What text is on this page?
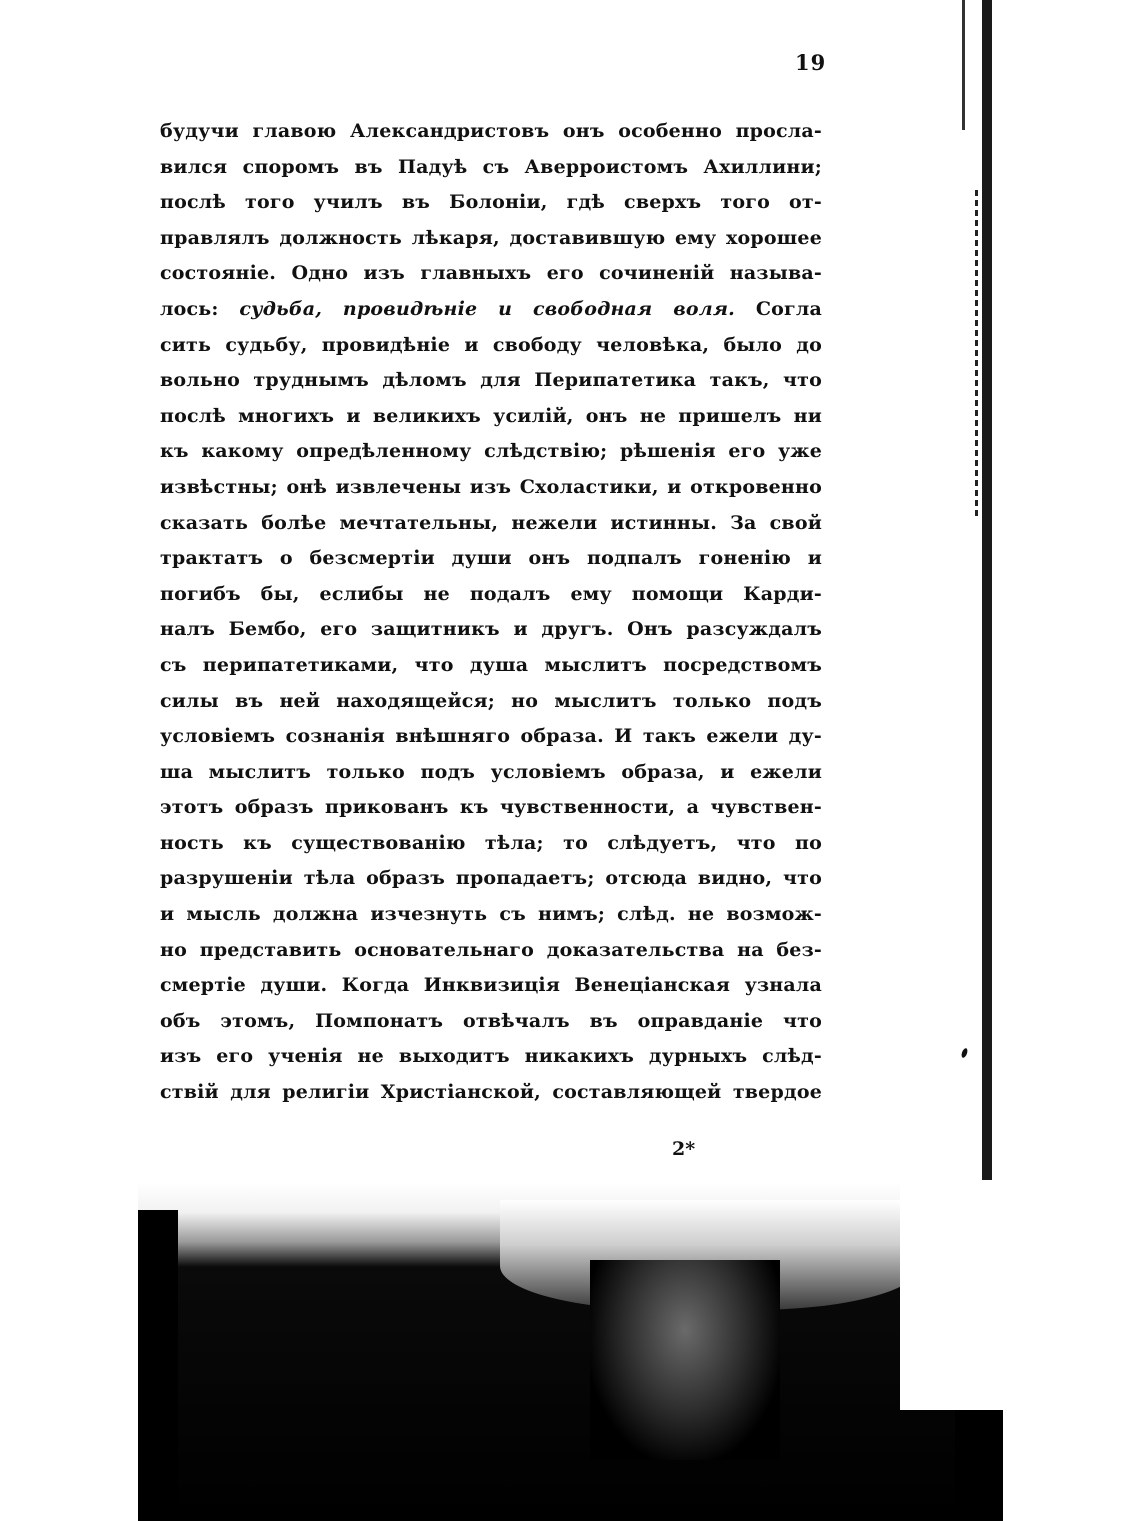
19
будучи главою Александристовъ онъ особенно просла-
вился споромъ въ Падуѣ съ Аверроистомъ Ахиллини;
послѣ того училъ въ Болоніи, гдѣ сверхъ того от-
правлялъ должность лѣкаря, доставившую ему хорошее
состояніе. Одно изъ главныхъ его сочиненій называ-
лось: судьба, провидѣніе и свободная воля. Согла
сить судьбу, провидѣніе и свободу человѣка, было до
вольно труднымъ дѣломъ для Перипатетика такъ, что
послѣ многихъ и великихъ усилій, онъ не пришелъ ни
къ какому опредѣленному слѣдствію; рѣшенія его уже
извѣстны; онѣ извлечены изъ Схоластики, и откровенно
сказать болѣе мечтательны, нежели истинны. За свой
трактатъ о безсмертіи души онъ подпалъ гоненію и
погибъ бы, еслибы не подалъ ему помощи Карди-
налъ Бембо, его защитникъ и другъ. Онъ разсуждалъ
съ перипатетиками, что душа мыслитъ посредствомъ
силы въ ней находящейся; но мыслитъ только подъ
условіемъ сознанія внѣшняго образа. И такъ ежели ду-
ша мыслитъ только подъ условіемъ образа, и ежели
этотъ образъ прикованъ къ чувственности, а чувствен-
ность къ существованію тѣла; то слѣдуетъ, что по
разрушеніи тѣла образъ пропадаетъ; отсюда видно, что
и мысль должна изчезнуть съ нимъ; слѣд. не возмож-
но представить основательнаго доказательства на без-
смертіе души. Когда Инквизиція Венеціанская узнала
объ этомъ, Помпонатъ отвѣчалъ въ оправданіе что
изъ его ученія не выходитъ никакихъ дурныхъ слѣд-
ствій для религіи Христіанской, составляющей твердое
2*
